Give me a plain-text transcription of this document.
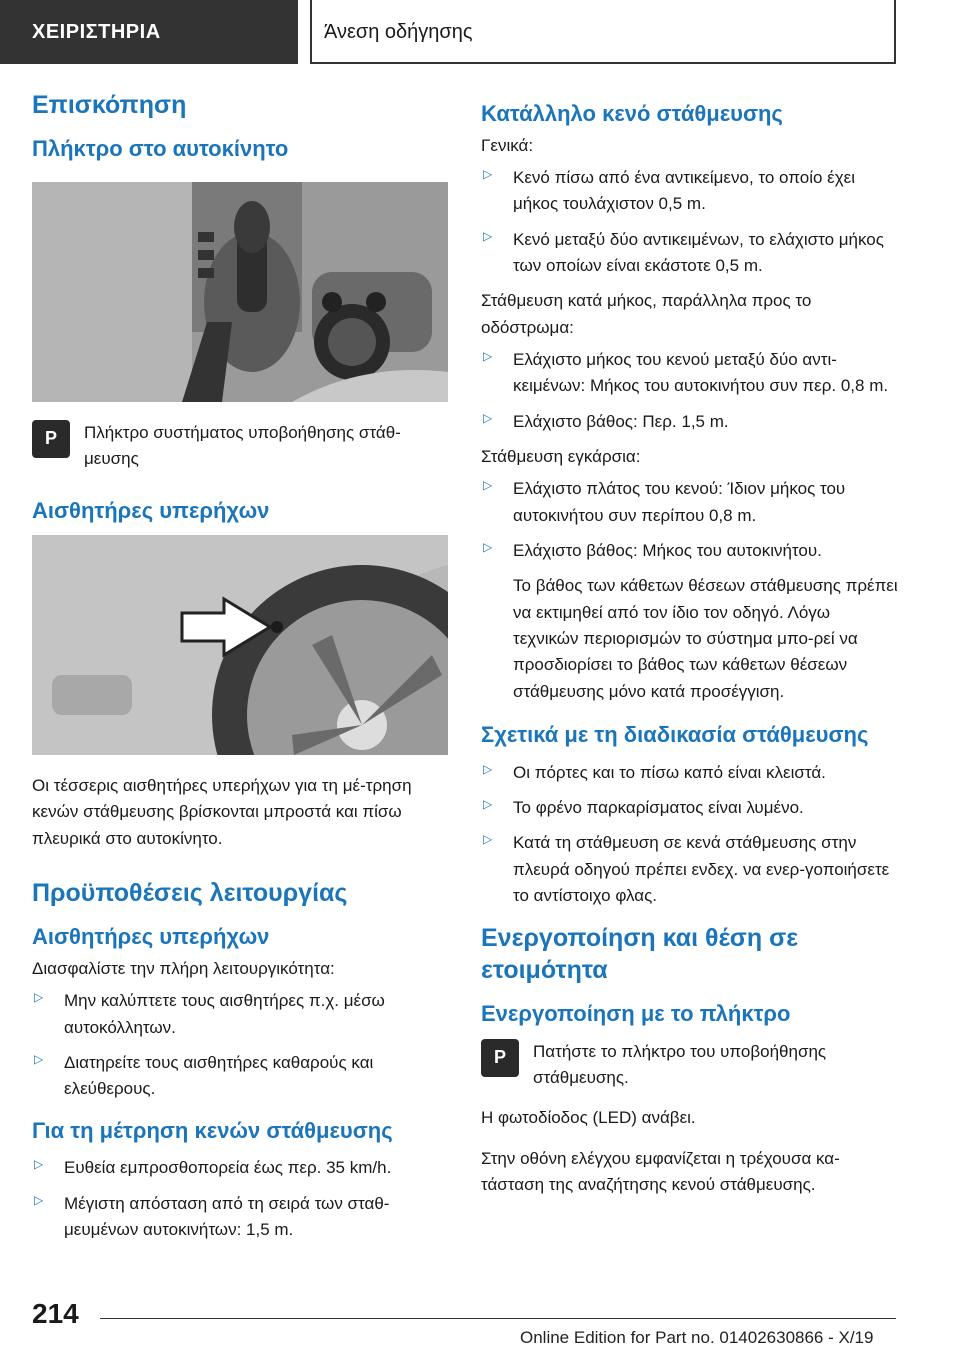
ΧΕΙΡΙΣΤΗΡΙΑ	Άνεση οδήγησης
Επισκόπηση
Πλήκτρο στο αυτοκίνητο
P	Πλήκτρο συστήματος υποβοήθησης στάθ-μευσης

Αισθητήρες υπερήχων

Οι τέσσερις αισθητήρες υπερήχων για τη μέ-τρηση κενών στάθμευσης βρίσκονται μπροστά και πίσω πλευρικά στο αυτοκίνητο.

Προϋποθέσεις λειτουργίας
Αισθητήρες υπερήχων

Διασφαλίστε την πλήρη λειτουργικότητα:

▷ Μην καλύπτετε τους αισθητήρες π.χ. μέσω αυτοκόλλητων.
▷ Διατηρείτε τους αισθητήρες καθαρούς και ελεύθερους.
Για τη μέτρηση κενών στάθμευσης
▷ Ευθεία εμπροσθοπορεία έως περ. 35 km/h.
▷ Μέγιστη απόσταση από τη σειρά των σταθ-μευμένων αυτοκινήτων: 1,5 m.
Κατάλληλο κενό στάθμευσης

Γενικά:

▷ Κενό πίσω από ένα αντικείμενο, το οποίο έχει μήκος τουλάχιστον 0,5 m.
▷ Κενό μεταξύ δύο αντικειμένων, το ελάχιστο μήκος των οποίων είναι εκάστοτε 0,5 m.

Στάθμευση κατά μήκος, παράλληλα προς το οδόστρωμα:

▷ Ελάχιστο μήκος του κενού μεταξύ δύο αντι-κειμένων: Μήκος του αυτοκινήτου συν περ. 0,8 m.
▷ Ελάχιστο βάθος: Περ. 1,5 m.

Στάθμευση εγκάρσια:

▷ Ελάχιστο πλάτος του κενού: Ίδιον μήκος του αυτοκινήτου συν περίπου 0,8 m.
▷ Ελάχιστο βάθος: Μήκος του αυτοκινήτου.

Το βάθος των κάθετων θέσεων στάθμευσης πρέπει να εκτιμηθεί από τον ίδιο τον οδηγό. Λόγω τεχνικών περιορισμών το σύστημα μπο-ρεί να προσδιορίσει το βάθος των κάθετων θέσεων στάθμευσης μόνο κατά προσέγγιση.

Σχετικά με τη διαδικασία στάθμευσης
▷ Οι πόρτες και το πίσω καπό είναι κλειστά.
▷ Το φρένο παρκαρίσματος είναι λυμένο.
▷ Κατά τη στάθμευση σε κενά στάθμευσης στην πλευρά οδηγού πρέπει ενδεχ. να ενερ-γοποιήσετε το αντίστοιχο φλας.
Ενεργοποίηση και θέση σε ετοιμότητα
Ενεργοποίηση με το πλήκτρο
P	Πατήστε το πλήκτρο του υποβοήθησης στάθμευσης.

Η φωτοδίοδος (LED) ανάβει.

Στην οθόνη ελέγχου εμφανίζεται η τρέχουσα κα-τάσταση της αναζήτησης κενού στάθμευσης.

214
Online Edition for Part no. 01402630866 - X/19
